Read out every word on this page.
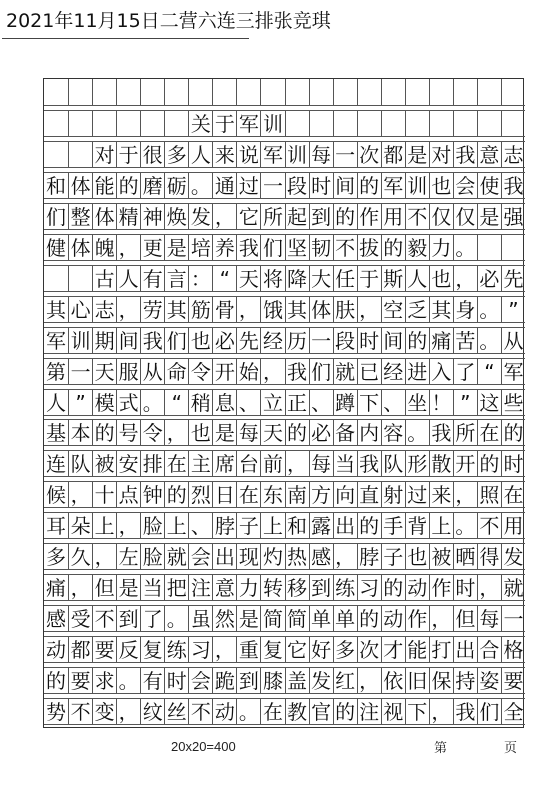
2021年11月15日二营六连三排张竞琪
关 于 军 训
对 于 很 多 人 来 说 军 训 每 一 次 都 是 对 我 意 志
和 体 能 的 磨 砺 。 通 过 一 段 时 间 的 军 训 也 会 使 我
们 整 体 精 神 焕 发 ， 它 所 起 到 的 作 用 不 仅 仅 是 强
健 体 魄 ， 更 是 培 养 我 们 坚 韧 不 拔 的 毅 力 。
古 人 有 言 ： “ 天 将 降 大 任 于 斯 人 也 ， 必 先
其 心 志 ， 劳 其 筋 骨 ， 饿 其 体 肤 ， 空 乏 其 身 。 ”
军 训 期 间 我 们 也 必 先 经 历 一 段 时 间 的 痛 苦 。 从
第 一 天 服 从 命 令 开 始 ， 我 们 就 已 经 进 入 了 “ 军
人 ” 模 式 。 “ 稍 息 、 立 正 、 蹲 下 、 坐 ！ ” 这 些
基 本 的 号 令 ， 也 是 每 天 的 必 备 内 容 。 我 所 在 的
连 队 被 安 排 在 主 席 台 前 ， 每 当 我 队 形 散 开 的 时
候 ， 十 点 钟 的 烈 日 在 东 南 方 向 直 射 过 来 ， 照 在
耳 朵 上 ， 脸 上 、 脖 子 上 和 露 出 的 手 背 上 。 不 用
多 久 ， 左 脸 就 会 出 现 灼 热 感 ， 脖 子 也 被 晒 得 发
痛 ， 但 是 当 把 注 意 力 转 移 到 练 习 的 动 作 时 ， 就
感 受 不 到 了 。 虽 然 是 简 简 单 单 的 动 作 ， 但 每 一
动 都 要 反 复 练 习 ， 重 复 它 好 多 次 才 能 打 出 合 格
的 要 求 。 有 时 会 跪 到 膝 盖 发 红 ， 依 旧 保 持 姿 要
势 不 变 ， 纹 丝 不 动 。 在 教 官 的 注 视 下 ， 我 们 全
20x20=400	第　页
